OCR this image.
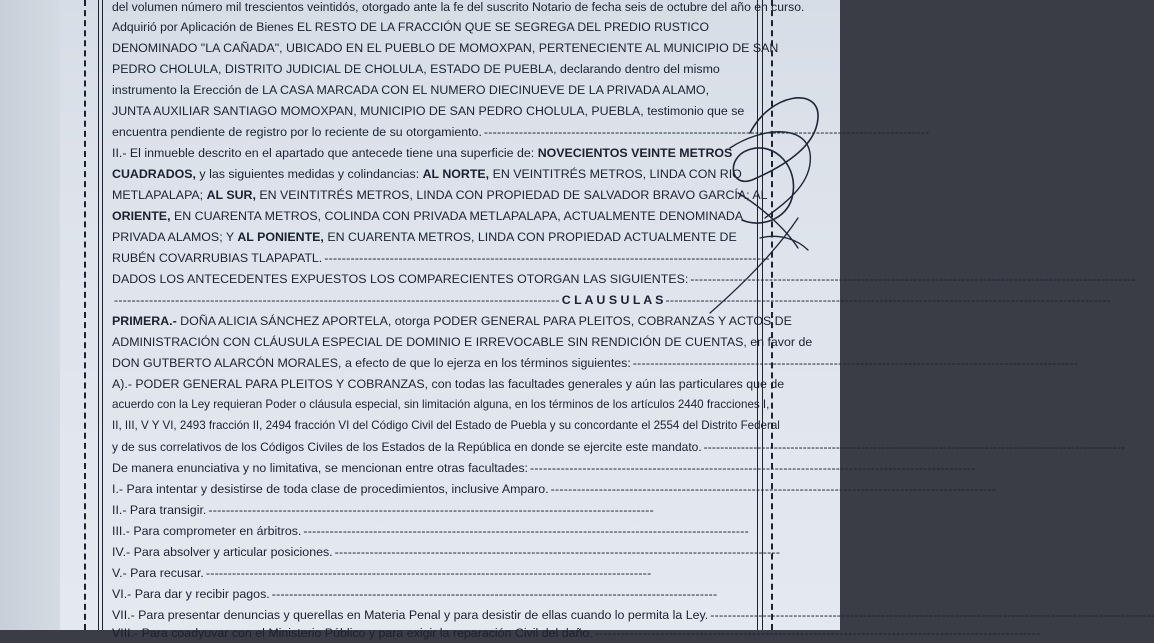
del volumen número mil trescientos veintidós, otorgado ante la fe del suscrito Notario de fecha seis de octubre del año en curso.
Adquirió por Aplicación de Bienes EL RESTO DE LA FRACCIÓN QUE SE SEGREGA DEL PREDIO RUSTICO
DENOMINADO "LA CAÑADA", UBICADO EN EL PUEBLO DE MOMOXPAN, PERTENECIENTE AL MUNICIPIO DE SAN
PEDRO CHOLULA, DISTRITO JUDICIAL DE CHOLULA, ESTADO DE PUEBLA, declarando dentro del mismo
instrumento la Erección de LA CASA MARCADA CON EL NUMERO DIECINUEVE DE LA PRIVADA ALAMO,
JUNTA AUXILIAR SANTIAGO MOMOXPAN, MUNICIPIO DE SAN PEDRO CHOLULA, PUEBLA, testimonio que se
encuentra pendiente de registro por lo reciente de su otorgamiento.
- - -
II.- El inmueble descrito en el apartado que antecede tiene una superficie de: NOVECIENTOS VEINTE METROS
CUADRADOS, y las siguientes medidas y colindancias: AL NORTE, EN VEINTITRÉS METROS, LINDA CON RIO
METLAPALAPA; AL SUR, EN VEINTITRÉS METROS, LINDA CON PROPIEDAD DE SALVADOR BRAVO GARCÍA; AL
ORIENTE, EN CUARENTA METROS, COLINDA CON PRIVADA METLAPALAPA, ACTUALMENTE DENOMINADA
PRIVADA ALAMOS; Y AL PONIENTE, EN CUARENTA METROS, LINDA CON PROPIEDAD ACTUALMENTE DE
RUBÉN COVARRUBIAS TLAPAPATL.
- - -
DADOS LOS ANTECEDENTES EXPUESTOS LOS COMPARECIENTES OTORGAN LAS SIGUIENTES:
- - -
- - -
C L A U S U L A S
- - -
PRIMERA.- DOÑA ALICIA SÁNCHEZ APORTELA, otorga PODER GENERAL PARA PLEITOS, COBRANZAS Y ACTOS DE
ADMINISTRACIÓN CON CLÁUSULA ESPECIAL DE DOMINIO E IRREVOCABLE SIN RENDICIÓN DE CUENTAS, en favor de
DON GUTBERTO ALARCÓN MORALES, a efecto de que lo ejerza en los términos siguientes:
- - -
A).- PODER GENERAL PARA PLEITOS Y COBRANZAS, con todas las facultades generales y aún las particulares que de
acuerdo con la Ley requieran Poder o cláusula especial, sin limitación alguna, en los términos de los artículos 2440 fracciones I,
II, III, V Y VI, 2493 fracción II, 2494 fracción VI del Código Civil del Estado de Puebla y su concordante el 2554 del Distrito Federal
y de sus correlativos de los Códigos Civiles de los Estados de la República en donde se ejercite este mandato.
- - -
De manera enunciativa y no limitativa, se mencionan entre otras facultades:
- - -
I.- Para intentar y desistirse de toda clase de procedimientos, inclusive Amparo.
- - -
II.- Para transigir.
- - -
III.- Para comprometer en árbitros.
- - -
IV.- Para absolver y articular posiciones.
- - -
V.- Para recusar.
- - -
VI.- Para dar y recibir pagos.
- - -
VII.- Para presentar denuncias y querellas en Materia Penal y para desistir de ellas cuando lo permita la Ley.
- - -
VIII.- Para coadyuvar con el Ministerio Público y para exigir la reparación Civil del daño.
- - -
